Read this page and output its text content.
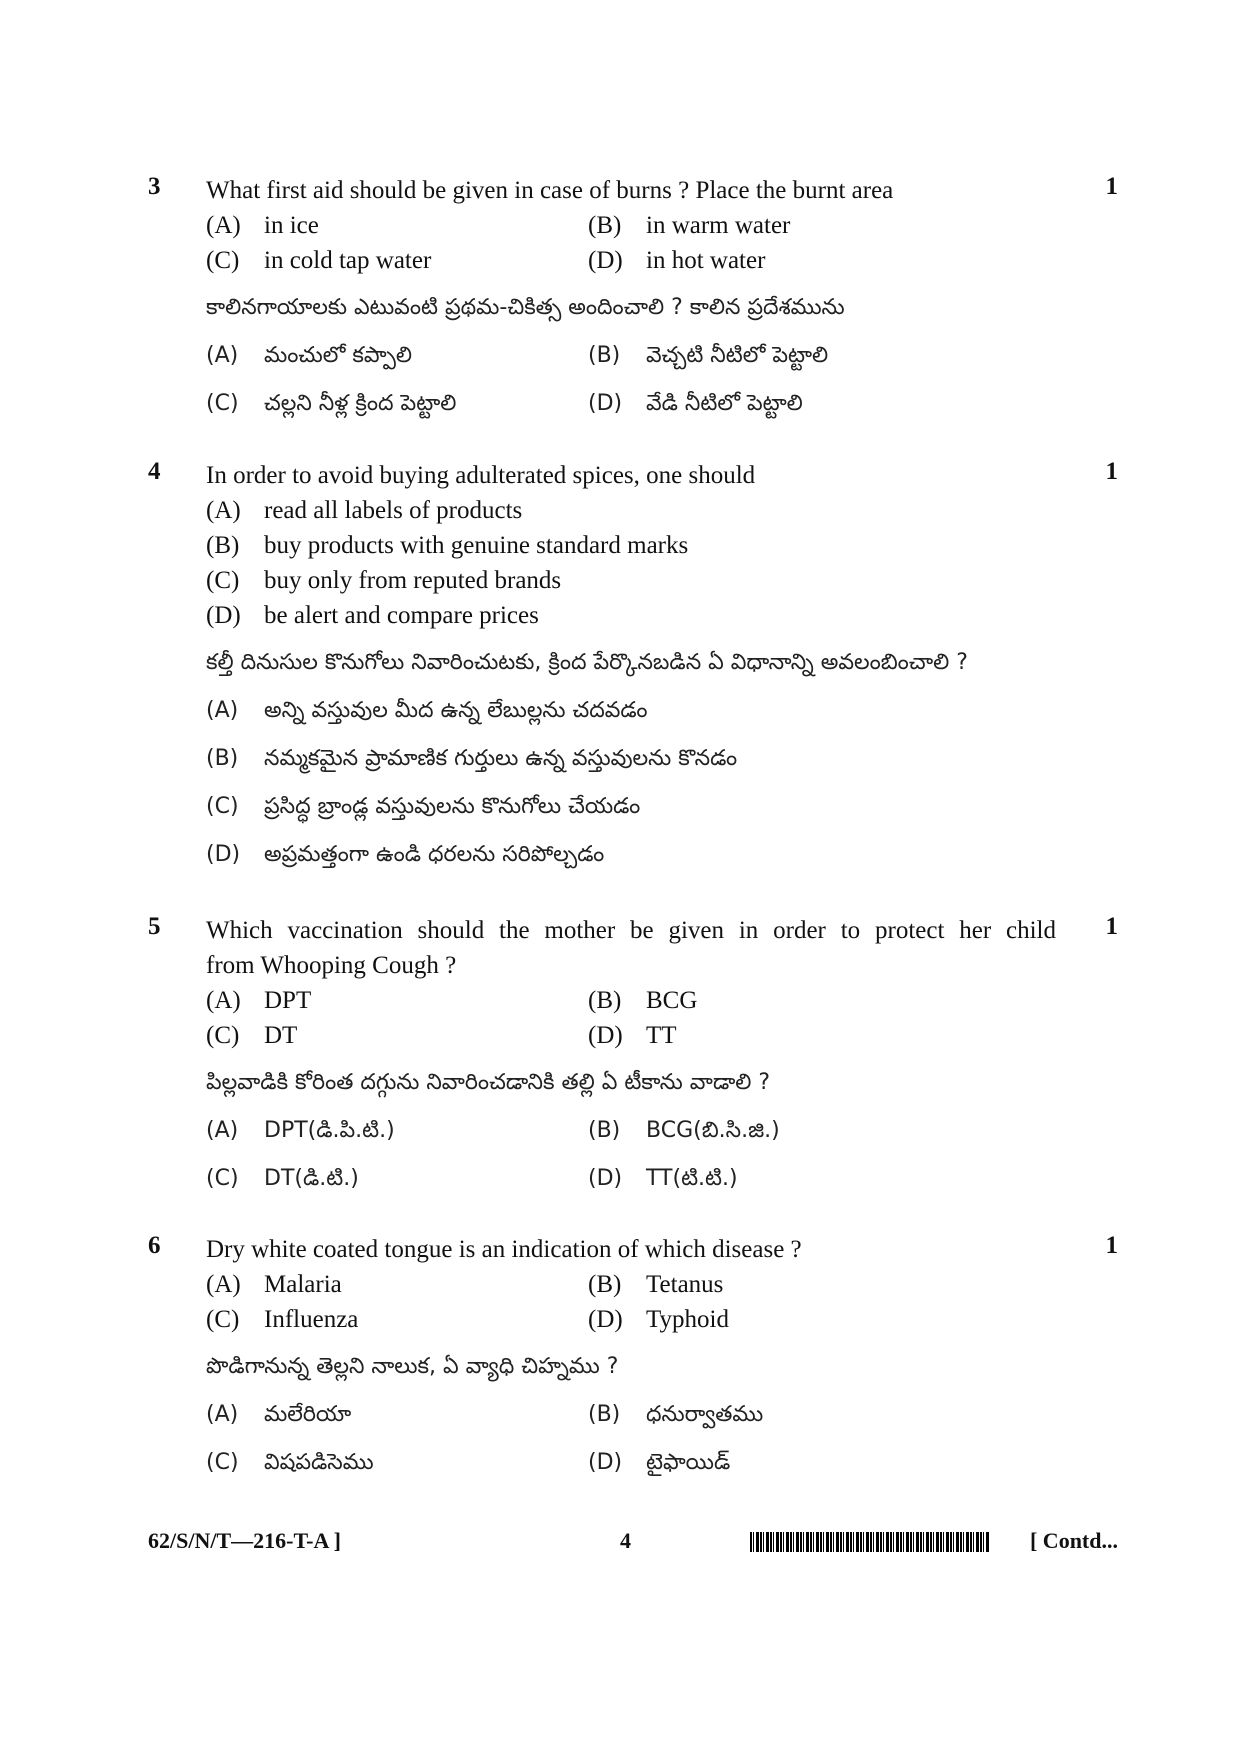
3	1
What first aid should be given in case of burns ? Place the burnt area
(A) in ice	(B) in warm water
(C) in cold tap water	(D) in hot water
కాలినగాయాలకు ఎటువంటి ప్రథమ-చికిత్స అందించాలి ? కాలిన ప్రదేశమును
(A)	మంచులో కప్పాలి	(B)	వెచ్చటి నీటిలో పెట్టాలి
(C)	చల్లని నీళ్ల క్రింద పెట్టాలి	(D)	వేడి నీటిలో పెట్టాలి
4	1
In order to avoid buying adulterated spices, one should
(A) read all labels of products
(B) buy products with genuine standard marks
(C) buy only from reputed brands
(D) be alert and compare prices
కల్తీ దినుసుల కొనుగోలు నివారించుటకు, క్రింద పేర్కొనబడిన ఏ విధానాన్ని అవలంబించాలి ?
(A)	అన్ని వస్తువుల మీద ఉన్న లేబుల్లను చదవడం
(B)	నమ్మకమైన ప్రామాణిక గుర్తులు ఉన్న వస్తువులను కొనడం
(C)	ప్రసిద్ధ బ్రాండ్ల వస్తువులను కొనుగోలు చేయడం
(D)	అప్రమత్తంగా ఉండి ధరలను సరిపోల్చడం
5	1
Which vaccination should the mother be given in order to protect her child
from Whooping Cough ?
(A) DPT	(B) BCG
(C) DT	(D) TT
పిల్లవాడికి కోరింత దగ్గును నివారించడానికి తల్లి ఏ టీకాను వాడాలి ?
(A)	DPT(డి.పి.టి.)	(B)	BCG(బి.సి.జి.)
(C)	DT(డి.టి.)	(D)	TT(టి.టి.)
6	1
Dry white coated tongue is an indication of which disease ?
(A) Malaria	(B) Tetanus
(C) Influenza	(D) Typhoid
పొడిగానున్న తెల్లని నాలుక, ఏ వ్యాధి చిహ్నము ?
(A)	మలేరియా	(B)	ధనుర్వాతము
(C)	విషపడిసెము	(D)	టైఫాయిడ్
62/S/N/T—216-T-A ]	4	[ Contd...
